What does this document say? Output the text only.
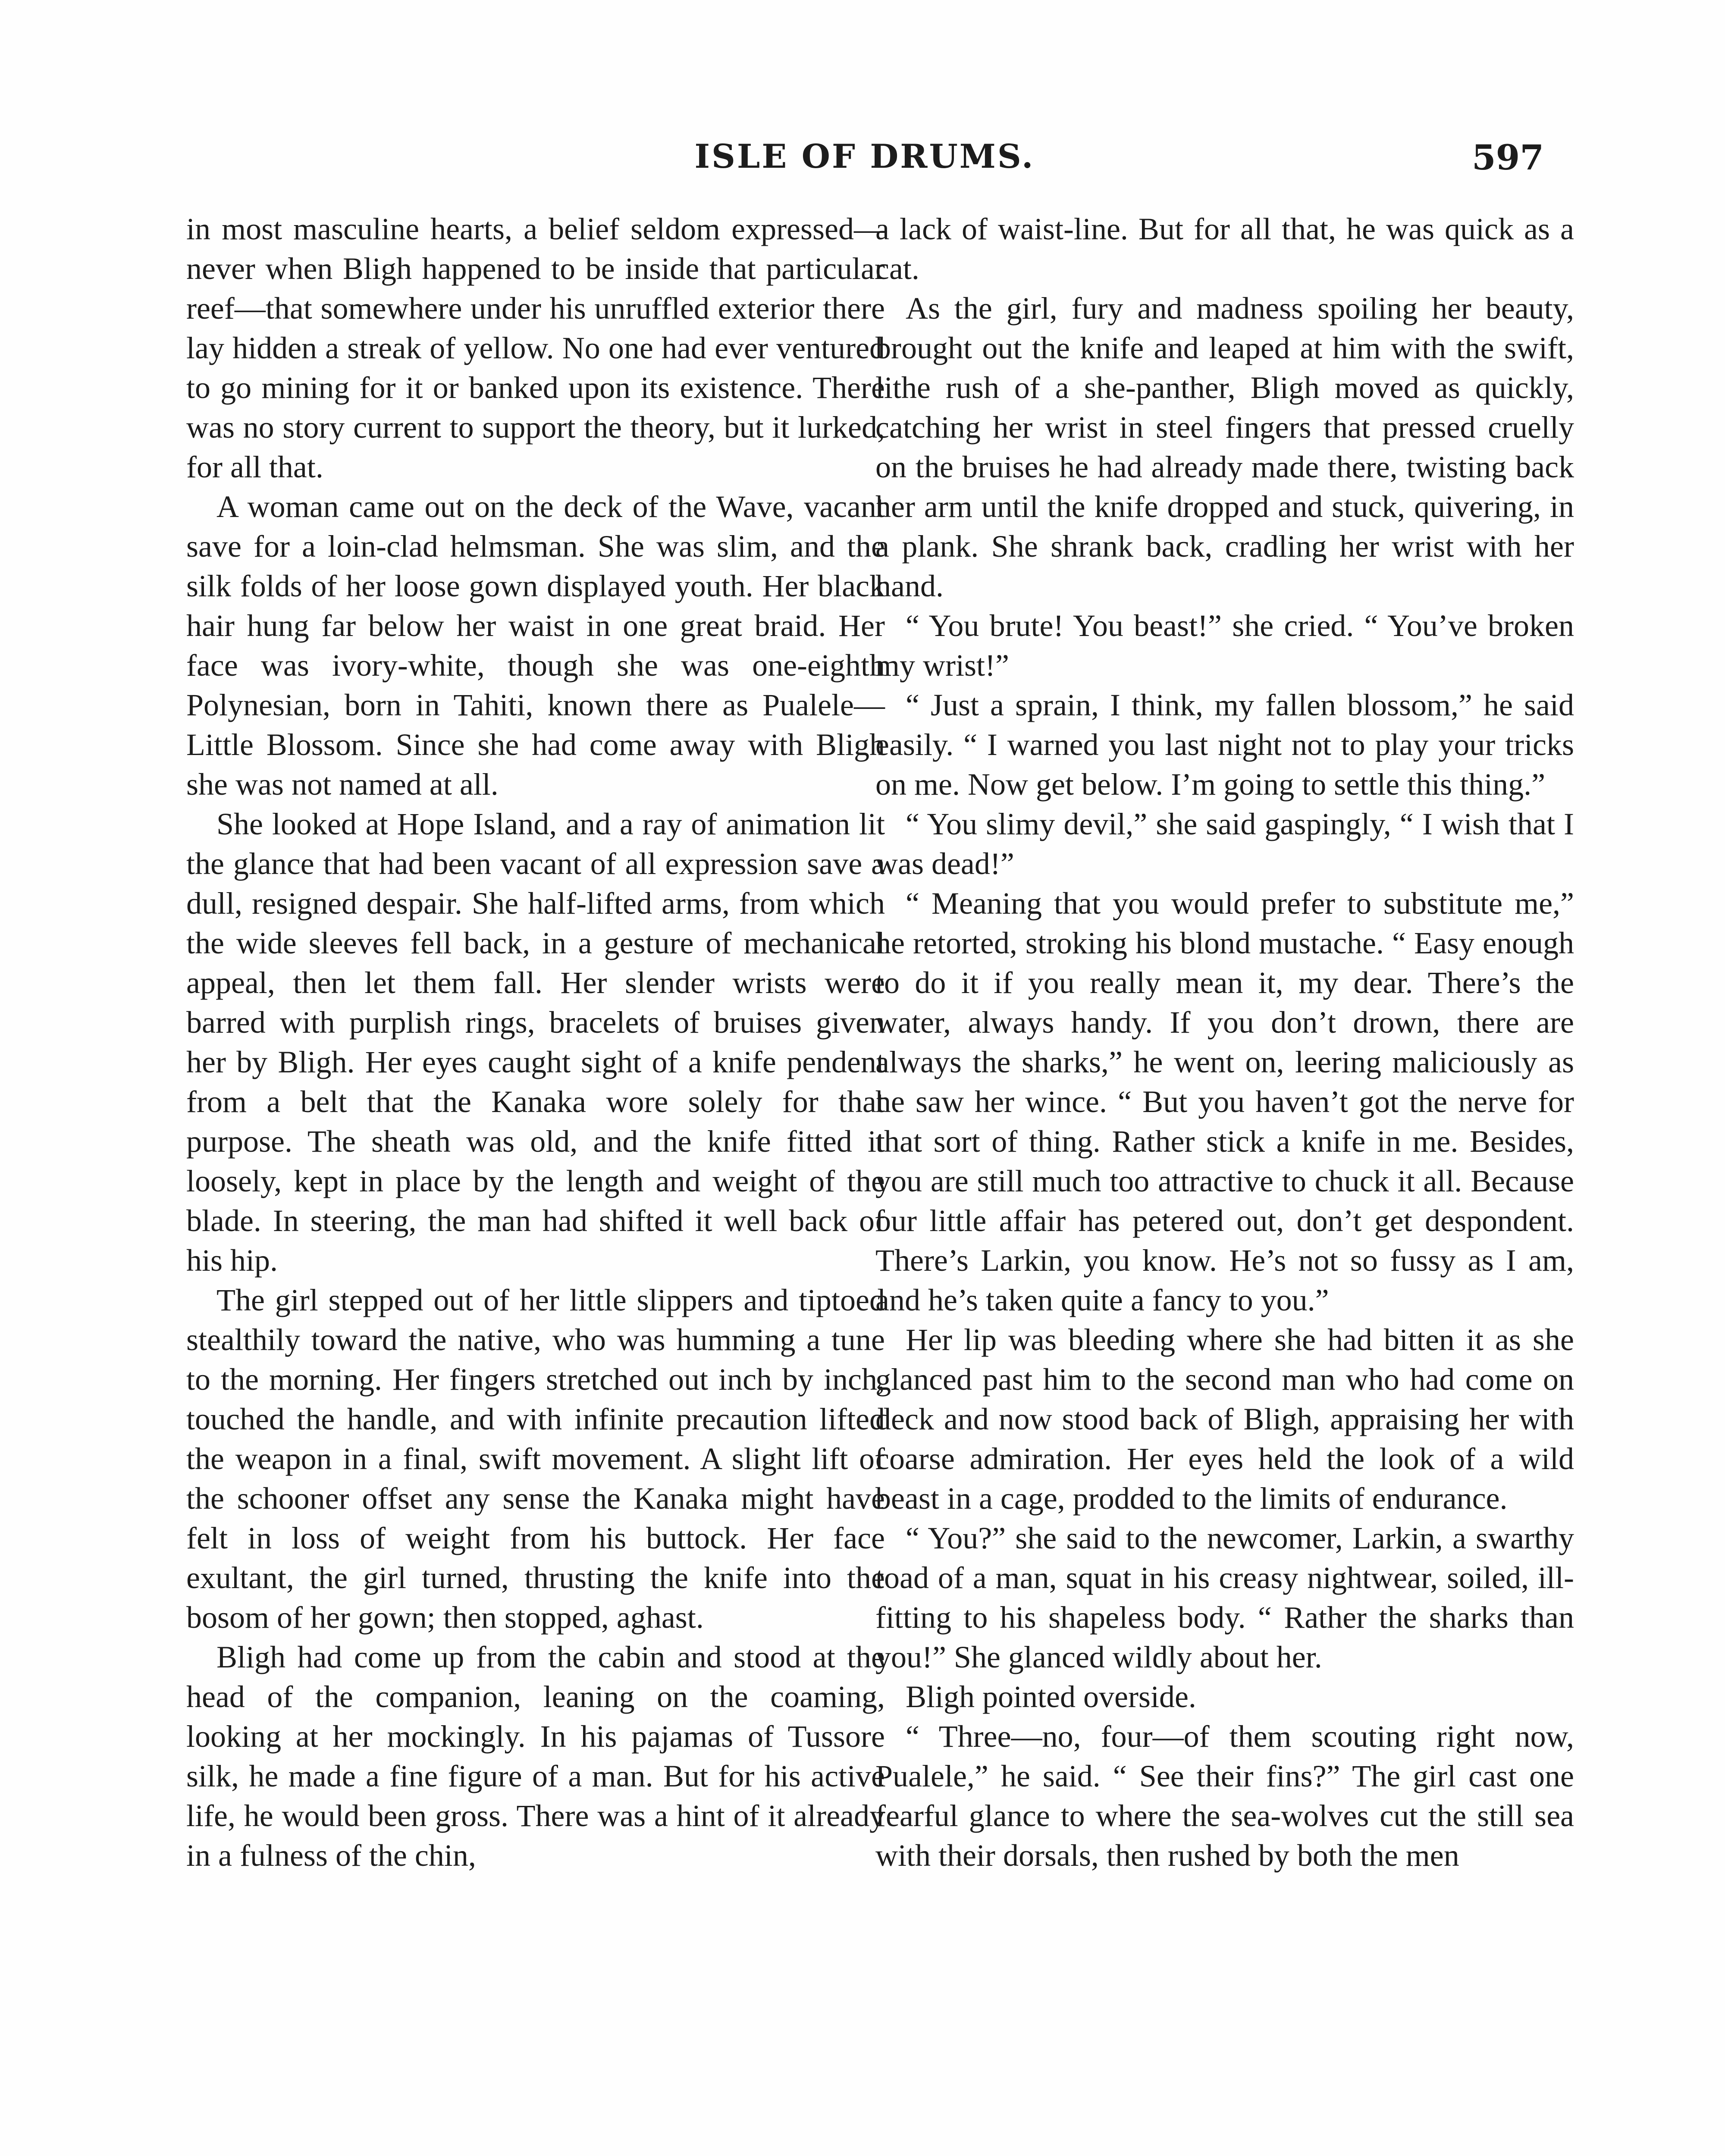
ISLE OF DRUMS.	597

in most masculine hearts, a belief seldom expressed—never when Bligh happened to be inside that particular reef—that somewhere under his unruffled exterior there lay hidden a streak of yellow. No one had ever ventured to go mining for it or banked upon its existence. There was no story current to support the theory, but it lurked, for all that.

A woman came out on the deck of the Wave, vacant save for a loin-clad helmsman. She was slim, and the silk folds of her loose gown displayed youth. Her black hair hung far below her waist in one great braid. Her face was ivory-white, though she was one-eighth Polynesian, born in Tahiti, known there as Pualele—Little Blossom. Since she had come away with Bligh she was not named at all.

She looked at Hope Island, and a ray of animation lit the glance that had been vacant of all expression save a dull, resigned despair. She half-lifted arms, from which the wide sleeves fell back, in a gesture of mechanical appeal, then let them fall. Her slender wrists were barred with purplish rings, bracelets of bruises given her by Bligh. Her eyes caught sight of a knife pendent from a belt that the Kanaka wore solely for that purpose. The sheath was old, and the knife fitted it loosely, kept in place by the length and weight of the blade. In steering, the man had shifted it well back of his hip.

The girl stepped out of her little slippers and tiptoed stealthily toward the native, who was humming a tune to the morning. Her fingers stretched out inch by inch, touched the handle, and with infinite precaution lifted the weapon in a final, swift movement. A slight lift of the schooner offset any sense the Kanaka might have felt in loss of weight from his buttock. Her face exultant, the girl turned, thrusting the knife into the bosom of her gown; then stopped, aghast.

Bligh had come up from the cabin and stood at the head of the companion, leaning on the coaming, looking at her mockingly. In his pajamas of Tussore silk, he made a fine figure of a man. But for his active life, he would been gross. There was a hint of it already in a fulness of the chin,

a lack of waist-line. But for all that, he was quick as a cat.

As the girl, fury and madness spoiling her beauty, brought out the knife and leaped at him with the swift, lithe rush of a she-panther, Bligh moved as quickly, catching her wrist in steel fingers that pressed cruelly on the bruises he had already made there, twisting back her arm until the knife dropped and stuck, quivering, in a plank. She shrank back, cradling her wrist with her hand.

“ You brute! You beast!” she cried. “ You’ve broken my wrist!”

“ Just a sprain, I think, my fallen blossom,” he said easily. “ I warned you last night not to play your tricks on me. Now get below. I’m going to settle this thing.”

“ You slimy devil,” she said gaspingly, “ I wish that I was dead!”

“ Meaning that you would prefer to substitute me,” he retorted, stroking his blond mustache. “ Easy enough to do it if you really mean it, my dear. There’s the water, always handy. If you don’t drown, there are always the sharks,” he went on, leering maliciously as he saw her wince. “ But you haven’t got the nerve for that sort of thing. Rather stick a knife in me. Besides, you are still much too attractive to chuck it all. Because our little affair has petered out, don’t get despondent. There’s Larkin, you know. He’s not so fussy as I am, and he’s taken quite a fancy to you.”

Her lip was bleeding where she had bitten it as she glanced past him to the second man who had come on deck and now stood back of Bligh, appraising her with coarse admiration. Her eyes held the look of a wild beast in a cage, prodded to the limits of endurance.

“ You?” she said to the newcomer, Larkin, a swarthy toad of a man, squat in his creasy nightwear, soiled, ill-fitting to his shapeless body. “ Rather the sharks than you!” She glanced wildly about her.

Bligh pointed overside.

“ Three—no, four—of them scouting right now, Pualele,” he said. “ See their fins?” The girl cast one fearful glance to where the sea-wolves cut the still sea with their dorsals, then rushed by both the men
